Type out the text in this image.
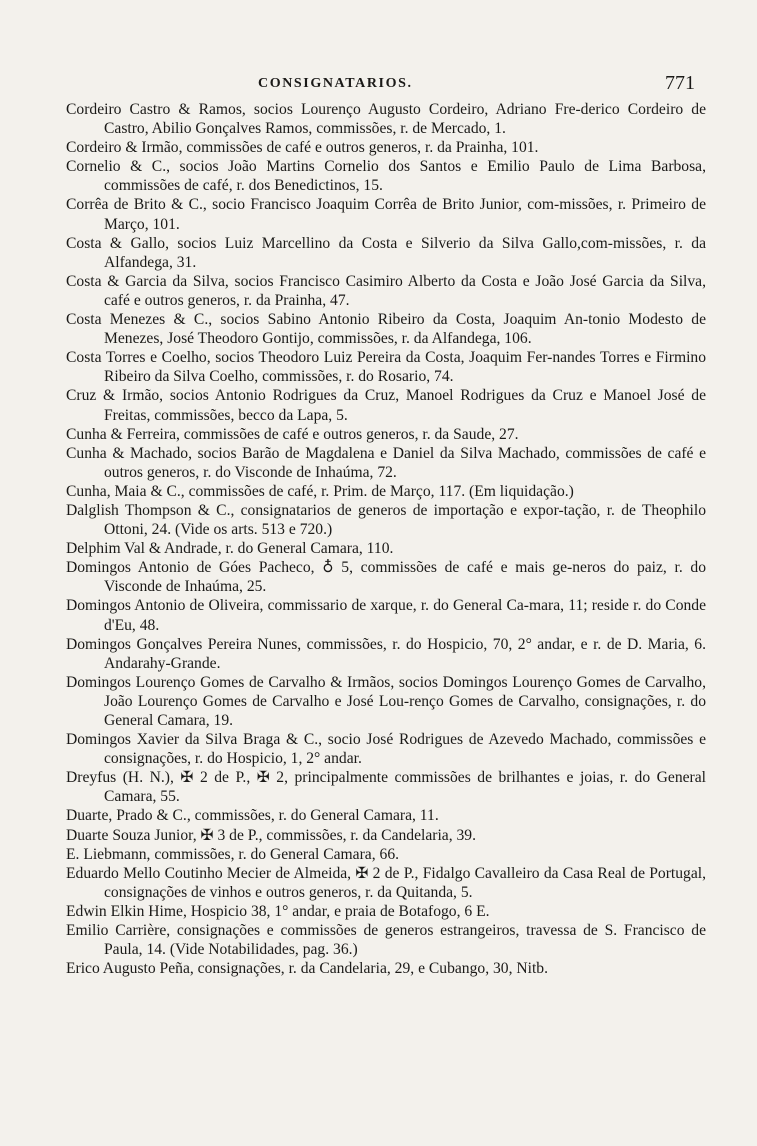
CONSIGNATARIOS.	771

Cordeiro Castro & Ramos, socios Lourenço Augusto Cordeiro, Adriano Fre-derico Cordeiro de Castro, Abilio Gonçalves Ramos, commissões, r. de Mercado, 1.

Cordeiro & Irmão, commissões de café e outros generos, r. da Prainha, 101.

Cornelio & C., socios João Martins Cornelio dos Santos e Emilio Paulo de Lima Barbosa, commissões de café, r. dos Benedictinos, 15.

Corrêa de Brito & C., socio Francisco Joaquim Corrêa de Brito Junior, com-missões, r. Primeiro de Março, 101.

Costa & Gallo, socios Luiz Marcellino da Costa e Silverio da Silva Gallo,com-missões, r. da Alfandega, 31.

Costa & Garcia da Silva, socios Francisco Casimiro Alberto da Costa e João José Garcia da Silva, café e outros generos, r. da Prainha, 47.

Costa Menezes & C., socios Sabino Antonio Ribeiro da Costa, Joaquim An-tonio Modesto de Menezes, José Theodoro Gontijo, commissões, r. da Alfandega, 106.

Costa Torres e Coelho, socios Theodoro Luiz Pereira da Costa, Joaquim Fer-nandes Torres e Firmino Ribeiro da Silva Coelho, commissões, r. do Rosario, 74.

Cruz & Irmão, socios Antonio Rodrigues da Cruz, Manoel Rodrigues da Cruz e Manoel José de Freitas, commissões, becco da Lapa, 5.

Cunha & Ferreira, commissões de café e outros generos, r. da Saude, 27.

Cunha & Machado, socios Barão de Magdalena e Daniel da Silva Machado, commissões de café e outros generos, r. do Visconde de Inhaúma, 72.

Cunha, Maia & C., commissões de café, r. Prim. de Março, 117. (Em liquidação.)

Dalglish Thompson & C., consignatarios de generos de importação e expor-tação, r. de Theophilo Ottoni, 24. (Vide os arts. 513 e 720.)

Delphim Val & Andrade, r. do General Camara, 110.

Domingos Antonio de Góes Pacheco, ♁ 5, commissões de café e mais ge-neros do paiz, r. do Visconde de Inhaúma, 25.

Domingos Antonio de Oliveira, commissario de xarque, r. do General Ca-mara, 11; reside r. do Conde d'Eu, 48.

Domingos Gonçalves Pereira Nunes, commissões, r. do Hospicio, 70, 2° andar, e r. de D. Maria, 6. Andarahy-Grande.

Domingos Lourenço Gomes de Carvalho & Irmãos, socios Domingos Lourenço Gomes de Carvalho, João Lourenço Gomes de Carvalho e José Lou-renço Gomes de Carvalho, consignações, r. do General Camara, 19.

Domingos Xavier da Silva Braga & C., socio José Rodrigues de Azevedo Machado, commissões e consignações, r. do Hospicio, 1, 2° andar.

Dreyfus (H. N.), ✠ 2 de P., ✠ 2, principalmente commissões de brilhantes e joias, r. do General Camara, 55.

Duarte, Prado & C., commissões, r. do General Camara, 11.

Duarte Souza Junior, ✠ 3 de P., commissões, r. da Candelaria, 39.

E. Liebmann, commissões, r. do General Camara, 66.

Eduardo Mello Coutinho Mecier de Almeida, ✠ 2 de P., Fidalgo Cavalleiro da Casa Real de Portugal, consignações de vinhos e outros generos, r. da Quitanda, 5.

Edwin Elkin Hime, Hospicio 38, 1° andar, e praia de Botafogo, 6 E.

Emilio Carrière, consignações e commissões de generos estrangeiros, travessa de S. Francisco de Paula, 14. (Vide Notabilidades, pag. 36.)

Erico Augusto Peña, consignações, r. da Candelaria, 29, e Cubango, 30, Nitb.
